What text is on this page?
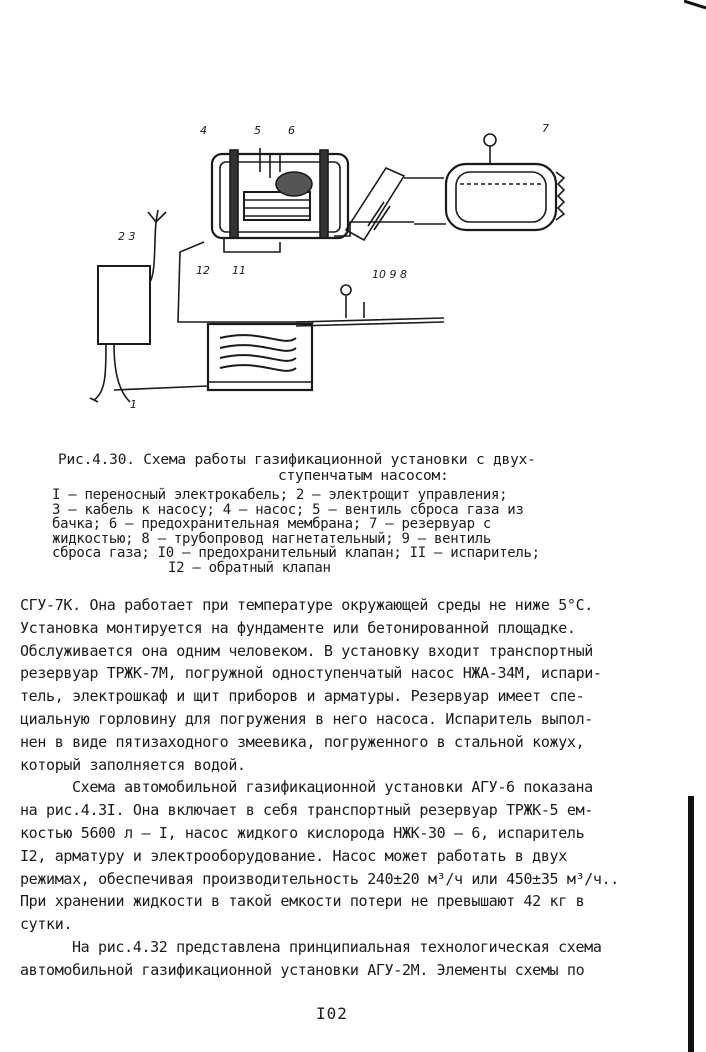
4	5 6	7
2 3
12 11	10 9 8
1
Рис.4.30. Схема работы газификационной установки с двух-
ступенчатым насосом:
I – переносный электрокабель; 2 – электрощит управления;
3 – кабель к насосу; 4 – насос; 5 – вентиль сброса газа из
бачка; 6 – предохранительная мембрана; 7 – резервуар с
жидкостью; 8 – трубопровод нагнетательный; 9 – вентиль
сброса газа; I0 – предохранительный клапан; II – испаритель;
I2 – обратный клапан
СГУ-7К. Она работает при температуре окружающей среды не ниже 5°С.
Установка монтируется на фундаменте или бетонированной площадке.
Обслуживается она одним человеком. В установку входит транспортный
резервуар ТРЖК-7М, погружной одноступенчатый насос НЖА-34М, испари-
тель, электрошкаф и щит приборов и арматуры. Резервуар имеет спе-
циальную горловину для погружения в него насоса. Испаритель выпол-
нен в виде пятизаходного змеевика, погруженного в стальной кожух,
который заполняется водой.
Схема автомобильной газификационной установки АГУ-6 показана
на рис.4.3I. Она включает в себя транспортный резервуар ТРЖК-5 ем-
костью 5600 л – I, насос жидкого кислорода НЖК-30 – 6, испаритель
I2, арматуру и электрооборудование. Насос может работать в двух
режимах, обеспечивая производительность 240±20 м³/ч или 450±35 м³/ч..
При хранении жидкости в такой емкости потери не превышают 42 кг в
сутки.
На рис.4.32 представлена принципиальная технологическая схема
автомобильной газификационной установки АГУ-2М. Элементы схемы по
I02
